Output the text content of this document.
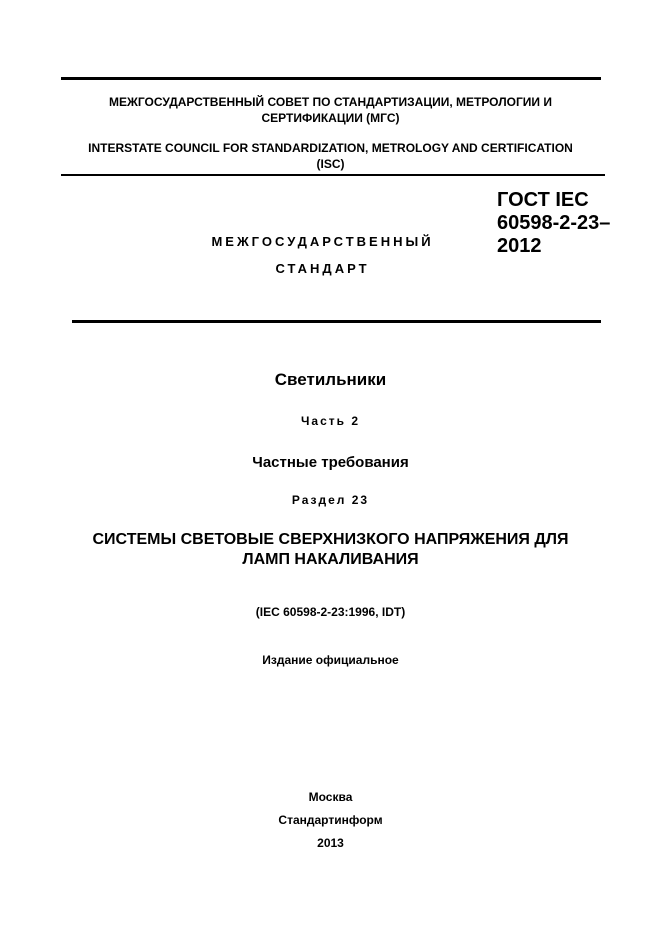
МЕЖГОСУДАРСТВЕННЫЙ СОВЕТ ПО СТАНДАРТИЗАЦИИ, МЕТРОЛОГИИ И
СЕРТИФИКАЦИИ (МГС)
INTERSTATE COUNCIL FOR STANDARDIZATION, METROLOGY AND CERTIFICATION
(ISC)
МЕЖГОСУДАРСТВЕННЫЙ
СТАНДАРТ
ГОСТ IEC
60598-2-23–
2012
Светильники
Часть 2
Частные требования
Раздел 23
СИСТЕМЫ СВЕТОВЫЕ СВЕРХНИЗКОГО НАПРЯЖЕНИЯ ДЛЯ
ЛАМП НАКАЛИВАНИЯ
(IEC 60598-2-23:1996, IDT)
Издание официальное
Москва
Стандартинформ
2013
